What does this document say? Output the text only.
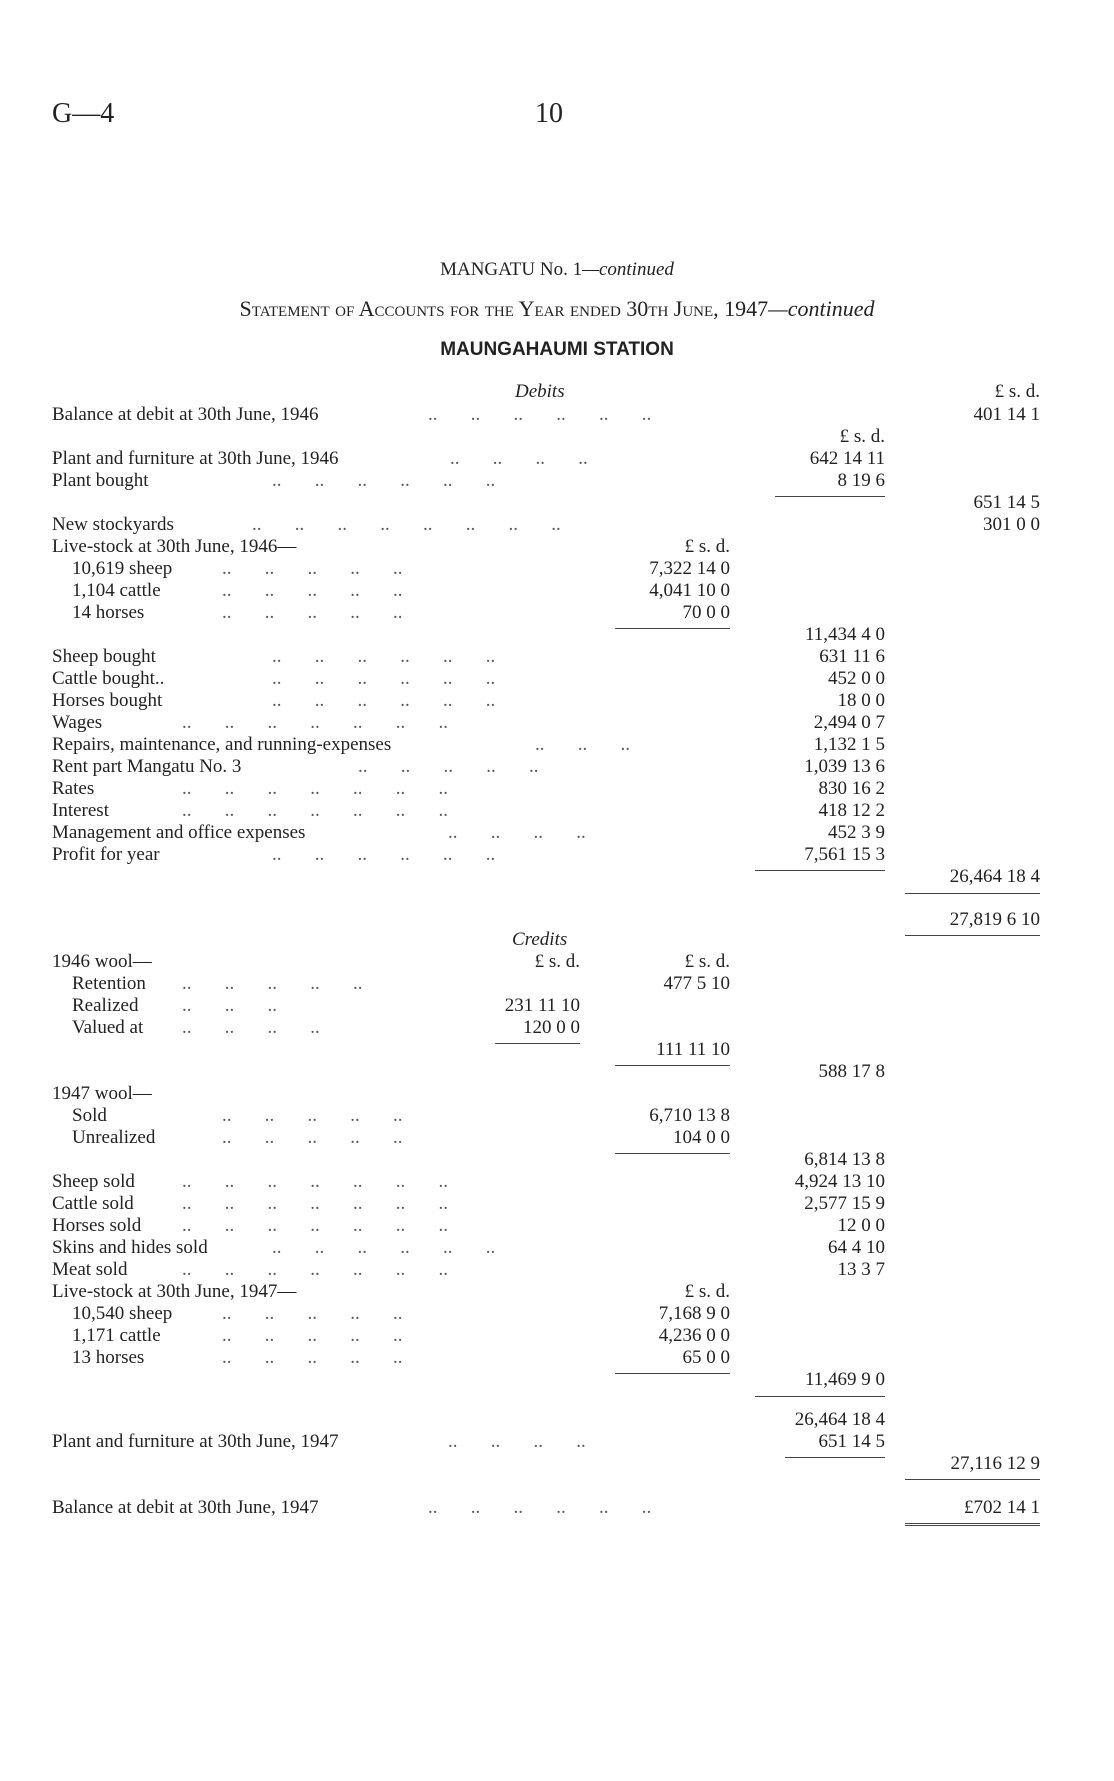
G—4	10
MANGATU No. 1—continued
Statement of Accounts for the Year ended 30th June, 1947—continued
MAUNGAHAUMI STATION
Debits	£ s. d.
Balance at debit at 30th June, 1946	..       ..       ..       ..       ..       ..	401 14 1
£ s. d.
Plant and furniture at 30th June, 1946	..       ..       ..       ..	642 14 11
Plant bought	..       ..       ..       ..       ..       ..	8 19 6
651 14 5
New stockyards	..       ..       ..       ..       ..       ..       ..       ..	301 0 0
Live-stock at 30th June, 1946—	£ s. d.
10,619 sheep	..       ..       ..       ..       ..	7,322 14 0
1,104 cattle	..       ..       ..       ..       ..	4,041 10 0
14 horses	..       ..       ..       ..       ..	70 0 0
11,434 4 0
Sheep bought	..       ..       ..       ..       ..       ..	631 11 6
Cattle bought..	..       ..       ..       ..       ..       ..	452 0 0
Horses bought	..       ..       ..       ..       ..       ..	18 0 0
Wages	..       ..       ..       ..       ..       ..       ..	2,494 0 7
Repairs, maintenance, and running-expenses	..       ..       ..	1,132 1 5
Rent part Mangatu No. 3	..       ..       ..       ..       ..	1,039 13 6
Rates	..       ..       ..       ..       ..       ..       ..	830 16 2
Interest	..       ..       ..       ..       ..       ..       ..	418 12 2
Management and office expenses	..       ..       ..       ..	452 3 9
Profit for year	..       ..       ..       ..       ..       ..	7,561 15 3
26,464 18 4
27,819 6 10
Credits
£ s. d.	£ s. d.
1946 wool—
Retention ..       ..       ..       ..       ..	477 5 10
Realized ..       ..       ..	231 11 10
Valued at ..       ..       ..       ..	120 0 0
111 11 10
588 17 8
1947 wool—
Sold	..       ..       ..       ..       ..	6,710 13 8
Unrealized	..       ..       ..       ..       ..	104 0 0
6,814 13 8
Sheep sold ..       ..       ..       ..       ..       ..       ..	4,924 13 10
Cattle sold	..       ..       ..       ..       ..       ..       ..	2,577 15 9
Horses sold ..       ..       ..       ..       ..       ..       ..	12 0 0
Skins and hides sold	..       ..       ..       ..       ..       ..	64 4 10
Meat sold	..       ..       ..       ..       ..       ..       ..	13 3 7
Live-stock at 30th June, 1947—	£ s. d.
10,540 sheep	..       ..       ..       ..       ..	7,168 9 0
1,171 cattle	..       ..       ..       ..       ..	4,236 0 0
13 horses	..       ..       ..       ..       ..	65 0 0
11,469 9 0
26,464 18 4
Plant and furniture at 30th June, 1947	..       ..       ..       ..	651 14 5
27,116 12 9
Balance at debit at 30th June, 1947	..       ..       ..       ..       ..       ..	£702 14 1
